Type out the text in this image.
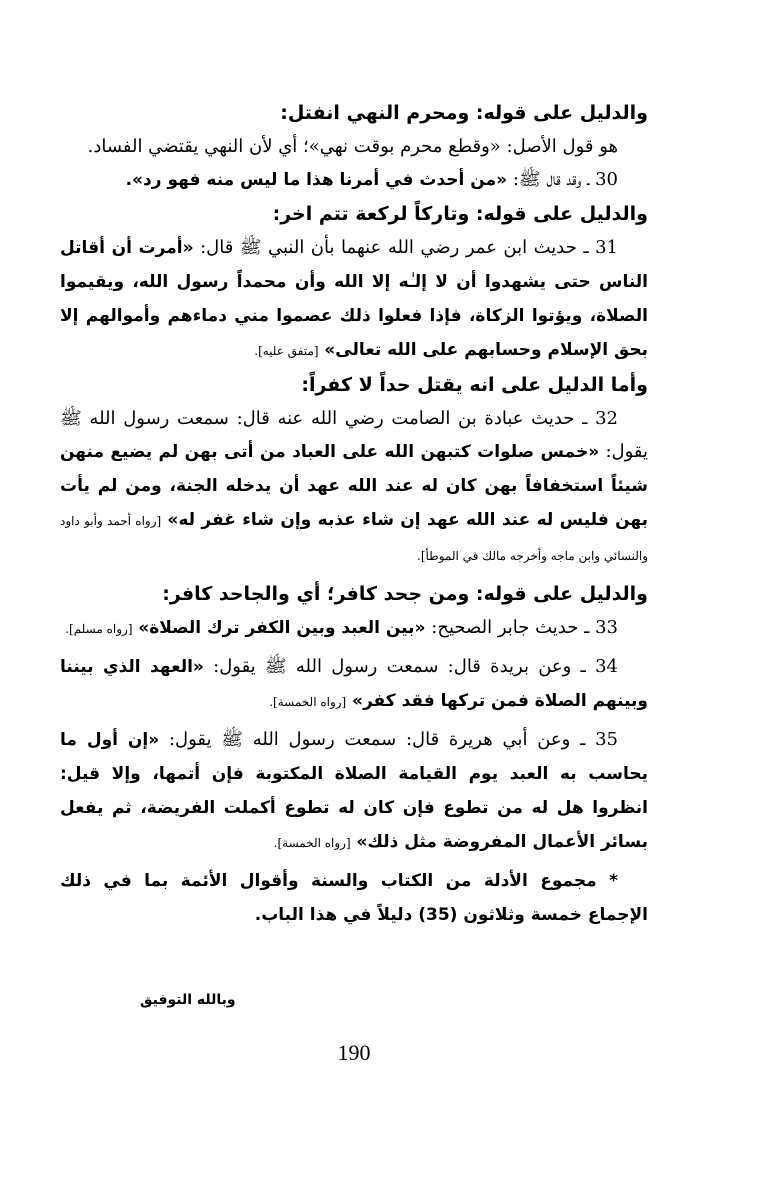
والدليل على قوله: ومحرم النهي انفتل:

هو قول الأصل: «وقطع محرم بوقت نهي»؛ أي لأن النهي يقتضي الفساد.

30 ـ وقد قال ﷺ: «من أحدث في أمرنا هذا ما ليس منه فهو رد».

والدليل على قوله: وتاركاً لركعة تتم اخر:

31 ـ حديث ابن عمر رضي الله عنهما بأن النبي ﷺ قال: «أمرت أن أقاتل الناس حتى يشهدوا أن لا إلـٰه إلا الله وأن محمداً رسول الله، ويقيموا الصلاة، ويؤتوا الزكاة، فإذا فعلوا ذلك عصموا مني دماءهم وأموالهم إلا بحق الإسلام وحسابهم على الله تعالى» [متفق عليه].

وأما الدليل على انه يقتل حداً لا كفراً:

32 ـ حديث عبادة بن الصامت رضي الله عنه قال: سمعت رسول الله ﷺ يقول: «خمس صلوات كتبهن الله على العباد من أتى بهن لم يضيع منهن شيئاً استخفافاً بهن كان له عند الله عهد أن يدخله الجنة، ومن لم يأت بهن فليس له عند الله عهد إن شاء عذبه وإن شاء غفر له» [رواه أحمد وأبو داود والنسائي وابن ماجه وأخرجه مالك في الموطأ].

والدليل على قوله: ومن جحد كافر؛ أي والجاحد كافر:

33 ـ حديث جابر الصحيح: «بين العبد وبين الكفر ترك الصلاة» [رواه مسلم].

34 ـ وعن بريدة قال: سمعت رسول الله ﷺ يقول: «العهد الذي بيننا وبينهم الصلاة فمن تركها فقد كفر» [رواه الخمسة].

35 ـ وعن أبي هريرة قال: سمعت رسول الله ﷺ يقول: «إن أول ما يحاسب به العبد يوم القيامة الصلاة المكتوبة فإن أتمها، وإلا قيل: انظروا هل له من تطوع فإن كان له تطوع أكملت الفريضة، ثم يفعل بسائر الأعمال المفروضة مثل ذلك» [رواه الخمسة].

* مجموع الأدلة من الكتاب والسنة وأقوال الأئمة بما في ذلك الإجماع خمسة وثلاثون (35) دليلاً في هذا الباب.

وبالله التوفيق
190
